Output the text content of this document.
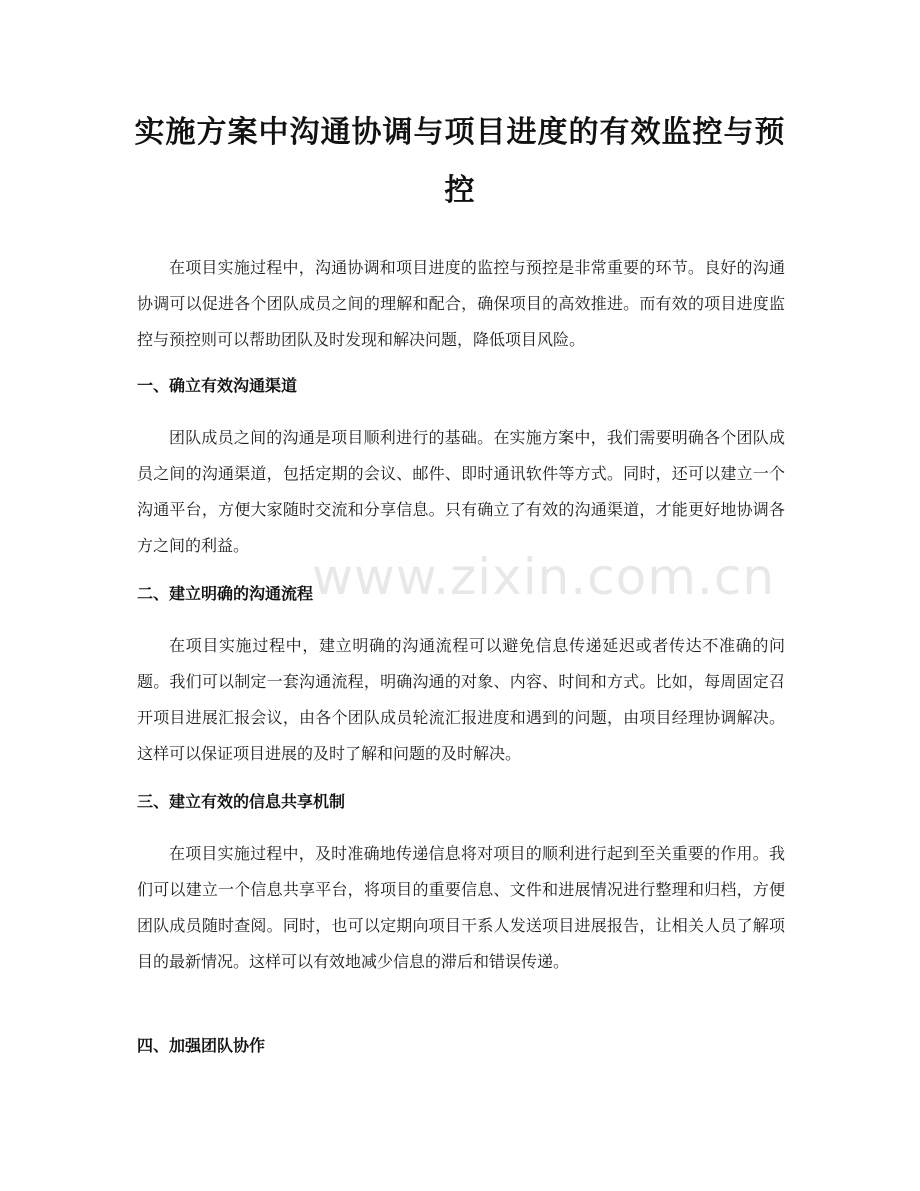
实施方案中沟通协调与项目进度的有效监控与预控
在项目实施过程中，沟通协调和项目进度的监控与预控是非常重要的环节。良好的沟通协调可以促进各个团队成员之间的理解和配合，确保项目的高效推进。而有效的项目进度监控与预控则可以帮助团队及时发现和解决问题，降低项目风险。
一、确立有效沟通渠道
团队成员之间的沟通是项目顺利进行的基础。在实施方案中，我们需要明确各个团队成员之间的沟通渠道，包括定期的会议、邮件、即时通讯软件等方式。同时，还可以建立一个沟通平台，方便大家随时交流和分享信息。只有确立了有效的沟通渠道，才能更好地协调各方之间的利益。
二、建立明确的沟通流程
在项目实施过程中，建立明确的沟通流程可以避免信息传递延迟或者传达不准确的问题。我们可以制定一套沟通流程，明确沟通的对象、内容、时间和方式。比如，每周固定召开项目进展汇报会议，由各个团队成员轮流汇报进度和遇到的问题，由项目经理协调解决。这样可以保证项目进展的及时了解和问题的及时解决。
三、建立有效的信息共享机制
在项目实施过程中，及时准确地传递信息将对项目的顺利进行起到至关重要的作用。我们可以建立一个信息共享平台，将项目的重要信息、文件和进展情况进行整理和归档，方便团队成员随时查阅。同时，也可以定期向项目干系人发送项目进展报告，让相关人员了解项目的最新情况。这样可以有效地减少信息的滞后和错误传递。
四、加强团队协作
www.zixin.com.cn
